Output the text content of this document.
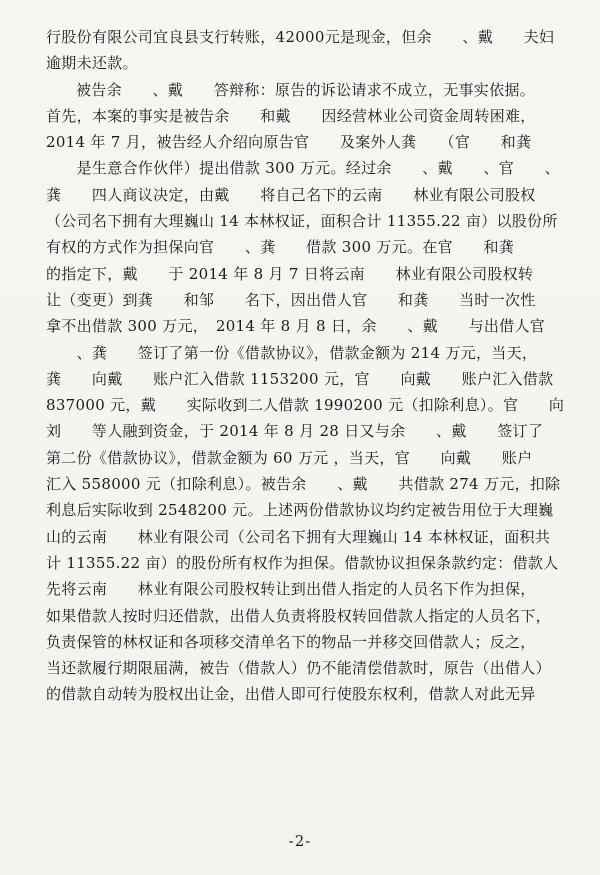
行股份有限公司宜良县支行转账，42000元是现金，但余　　、戴　　夫妇
逾期未还款。
被告余　　、戴　　答辩称：原告的诉讼请求不成立，无事实依据。
首先，本案的事实是被告余　　和戴　　因经营林业公司资金周转困难，
2014 年 7 月，被告经人介绍向原告官　　及案外人龚　　（官　　和龚
　　是生意合作伙伴）提出借款 300 万元。经过余　　、戴　　、官　　、
龚　　四人商议决定，由戴　　将自己名下的云南　　林业有限公司股权
（公司名下拥有大理巍山 14 本林权证，面积合计 11355.22 亩）以股份所
有权的方式作为担保向官　　、龚　　借款 300 万元。在官　　和龚　　
的指定下，戴　　于 2014 年 8 月 7 日将云南　　林业有限公司股权转
让（变更）到龚　　和邹　　名下，因出借人官　　和龚　　当时一次性
拿不出借款 300 万元，　2014 年 8 月 8 日，余　　、戴　　与出借人官
　　、龚　　签订了第一份《借款协议》，借款金额为 214 万元，当天，
龚　　向戴　　账户汇入借款 1153200 元，官　　向戴　　账户汇入借款
837000 元，戴　　实际收到二人借款 1990200 元（扣除利息）。官　　向
刘　　等人融到资金，于 2014 年 8 月 28 日又与余　　、戴　　签订了
第二份《借款协议》，借款金额为 60 万元 ，当天，官　　向戴　　账户
汇入 558000 元（扣除利息）。被告余　　、戴　　共借款 274 万元，扣除
利息后实际收到 2548200 元。上述两份借款协议均约定被告用位于大理巍
山的云南　　林业有限公司（公司名下拥有大理巍山 14 本林权证，面积共
计 11355.22 亩）的股份所有权作为担保。借款协议担保条款约定：借款人
先将云南　　林业有限公司股权转让到出借人指定的人员名下作为担保，
如果借款人按时归还借款，出借人负责将股权转回借款人指定的人员名下，
负责保管的林权证和各项移交清单名下的物品一并移交回借款人；反之，
当还款履行期限届满，被告（借款人）仍不能清偿借款时，原告（出借人）
的借款自动转为股权出让金，出借人即可行使股东权利，借款人对此无异
-2-
